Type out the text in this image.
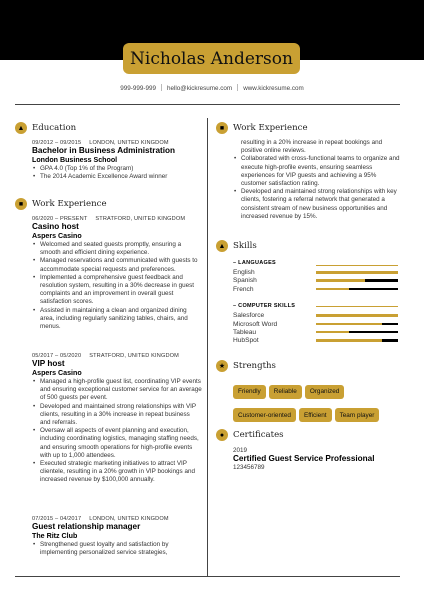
Nicholas Anderson
999-999-999 hello@kickresume.com www.kickresume.com
▲ Education
09/2012 – 09/2015 LONDON, UNITED KINGDOM
Bachelor in Business Administration
London Business School
• GPA 4.0 (Top 1% of the Program)
• The 2014 Academic Excellence Award winner
■	Work Experience
06/2020 – PRESENT STRATFORD, UNITED KINGDOM
Casino host
Aspers Casino
• Welcomed and seated guests promptly, ensuring a smooth and efficient dining experience.
• Managed reservations and communicated with guests to accommodate special requests and preferences.
• Implemented a comprehensive guest feedback and resolution system, resulting in a 30% decrease in guest complaints and an improvement in overall guest satisfaction scores.
• Assisted in maintaining a clean and organized dining area, including regularly sanitizing tables, chairs, and menus.
05/2017 – 05/2020 STRATFORD, UNITED KINGDOM
VIP host
Aspers Casino
• Managed a high-profile guest list, coordinating VIP events and ensuring exceptional customer service for an average of 500 guests per event.
• Developed and maintained strong relationships with VIP clients, resulting in a 30% increase in repeat business and referrals.
• Oversaw all aspects of event planning and execution, including coordinating logistics, managing staffing needs, and ensuring smooth operations for high-profile events with up to 1,000 attendees.
• Executed strategic marketing initiatives to attract VIP clientele, resulting in a 20% growth in VIP bookings and increased revenue by $100,000 annually.
07/2015 – 04/2017 LONDON, UNITED KINGDOM
Guest relationship manager
The Ritz Club
• Strengthened guest loyalty and satisfaction by implementing personalized service strategies,
■	Work Experience
resulting in a 20% increase in repeat bookings and positive online reviews.
• Collaborated with cross-functional teams to organize and execute high-profile events, ensuring seamless experiences for VIP guests and achieving a 95% customer satisfaction rating.
• Developed and maintained strong relationships with key clients, fostering a referral network that generated a consistent stream of new business opportunities and increased revenue by 15%.
▲ Skills
– LANGUAGES
English
Spanish
French
– COMPUTER SKILLS
Salesforce
Microsoft Word
Tableau
HubSpot
★ Strengths
Friendly Reliable Organized
Customer-oriented Efficient Team player
●	Certificates
2019
Certified Guest Service Professional
123456789
